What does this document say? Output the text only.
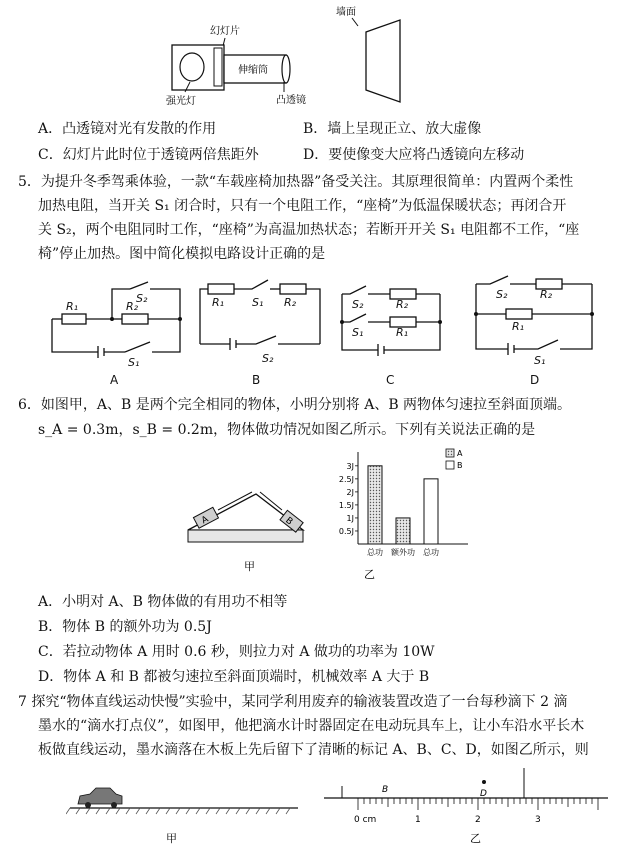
幻灯片
伸缩筒
强光灯	凸透镜
墙面
A．凸透镜对光有发散的作用	B．墙上呈现正立、放大虚像
C．幻灯片此时位于透镜两倍焦距外	D．要使像变大应将凸透镜向左移动
5．为提升冬季驾乘体验，一款“车载座椅加热器”备受关注。其原理很简单：内置两个柔性
加热电阻，当开关 S₁ 闭合时，只有一个电阻工作，“座椅”为低温保暖状态；再闭合开
关 S₂，两个电阻同时工作，“座椅”为高温加热状态；若断开开关 S₁ 电阻都不工作，“座
椅”停止加热。图中简化模拟电路设计正确的是
R₁	R₂
S₂
S₁
R₁	S₁ R₂
S₂
S₂	R₂
S₁	R₁
S₂	R₂
R₁
S₁
A	B	C	D
6．如图甲，A、B 是两个完全相同的物体，小明分别将 A、B 两物体匀速拉至斜面顶端。
s_A = 0.3m，s_B = 0.2m，物体做功情况如图乙所示。下列有关说法正确的是
A	B
甲
0.5J
1J
1.5J
2J
2.5J
3J
总功 额外功 总功
A
B
乙
A．小明对 A、B 物体做的有用功不相等
B．物体 B 的额外功为 0.5J
C．若拉动物体 A 用时 0.6 秒，则拉力对 A 做功的功率为 10W
D．物体 A 和 B 都被匀速拉至斜面顶端时，机械效率 A 大于 B
7 探究“物体直线运动快慢”实验中，某同学利用废弃的输液装置改造了一台每秒滴下 2 滴
墨水的“滴水打点仪”，如图甲，他把滴水计时器固定在电动玩具车上，让小车沿水平长木
板做直线运动，墨水滴落在木板上先后留下了清晰的标记 A、B、C、D，如图乙所示，则
甲
B	D
0 cm	1	2	3
乙
